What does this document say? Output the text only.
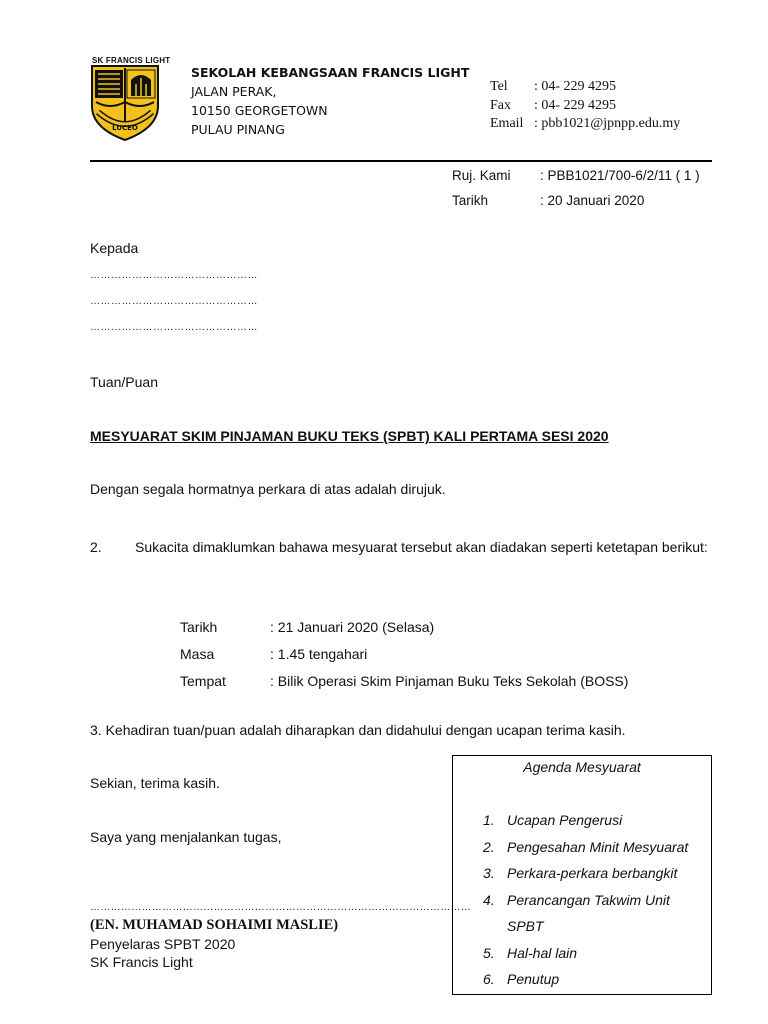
SK FRANCIS LIGHT
LUCEO
SEKOLAH KEBANGSAAN FRANCIS LIGHT
JALAN PERAK,
10150 GEORGETOWN
PULAU PINANG
Tel	: 04- 229 4295
Fax	: 04- 229 4295
Email : pbb1021@jpnpp.edu.my
Ruj. Kami	: PBB1021/700-6/2/11 ( 1 )
Tarikh	: 20 Januari 2020
Kepada
…………………………………………
…………………………………………
…………………………………………
Tuan/Puan
MESYUARAT SKIM PINJAMAN BUKU TEKS (SPBT) KALI PERTAMA SESI 2020
Dengan segala hormatnya perkara di atas adalah dirujuk.
2. Sukacita dimaklumkan bahawa mesyuarat tersebut akan diadakan seperti ketetapan berikut:
Tarikh	: 21 Januari 2020 (Selasa)
Masa	: 1.45 tengahari
Tempat	: Bilik Operasi Skim Pinjaman Buku Teks Sekolah (BOSS)
3. Kehadiran tuan/puan adalah diharapkan dan didahului dengan ucapan terima kasih.
Sekian, terima kasih.
Saya yang menjalankan tugas,
…………………………………………………………………………………………………
(EN. MUHAMAD SOHAIMI MASLIE)
Penyelaras SPBT 2020
SK Francis Light
Agenda Mesyuarat
1. Ucapan Pengerusi
2. Pengesahan Minit Mesyuarat
3. Perkara-perkara berbangkit
4. Perancangan Takwim Unit SPBT
5. Hal-hal lain
6. Penutup
